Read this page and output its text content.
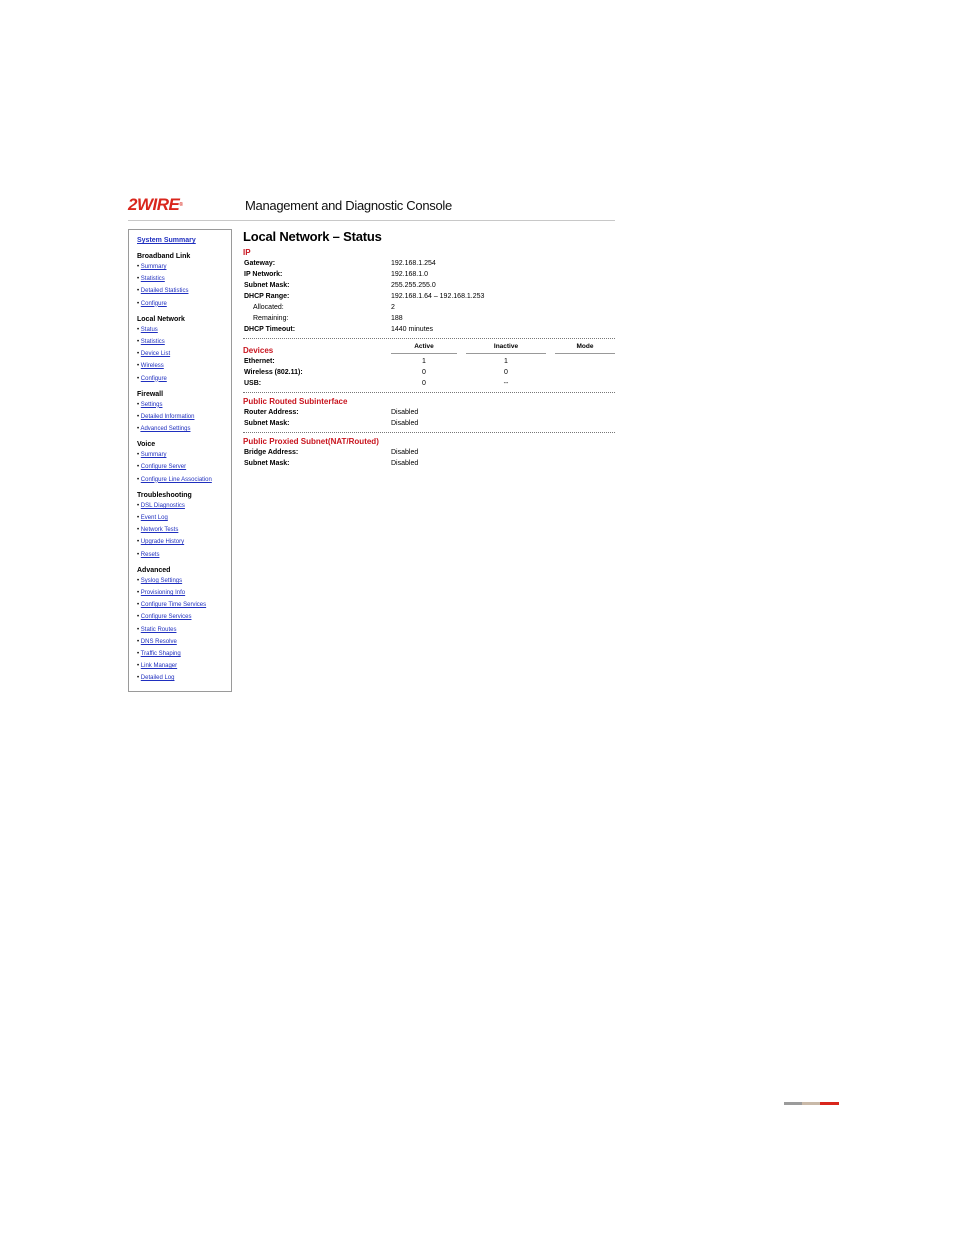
2WIRE®	Management and Diagnostic Console
System Summary
Broadband Link
• Summary
• Statistics
• Detailed Statistics
• Configure
Local Network
• Status
• Statistics
• Device List
• Wireless
• Configure
Firewall
• Settings
• Detailed Information
• Advanced Settings
Voice
• Summary
• Configure Server
• Configure Line Association
Troubleshooting
• DSL Diagnostics
• Event Log
• Network Tests
• Upgrade History
• Resets
Advanced
• Syslog Settings
• Provisioning Info
• Configure Time Services
• Configure Services
• Static Routes
• DNS Resolve
• Traffic Shaping
• Link Manager
• Detailed Log
Local Network – Status
IP
Gateway:	192.168.1.254
IP Network:	192.168.1.0
Subnet Mask:	255.255.255.0
DHCP Range:	192.168.1.64 – 192.168.1.253
Allocated:	2
Remaining:	188
DHCP Timeout:	1440 minutes
Devices	Active	Inactive	Mode
Ethernet:	1	1
Wireless (802.11):	0	0
USB:	0	--
Public Routed Subinterface
Router Address:	Disabled
Subnet Mask:	Disabled
Public Proxied Subnet(NAT/Routed)
Bridge Address:	Disabled
Subnet Mask:	Disabled
